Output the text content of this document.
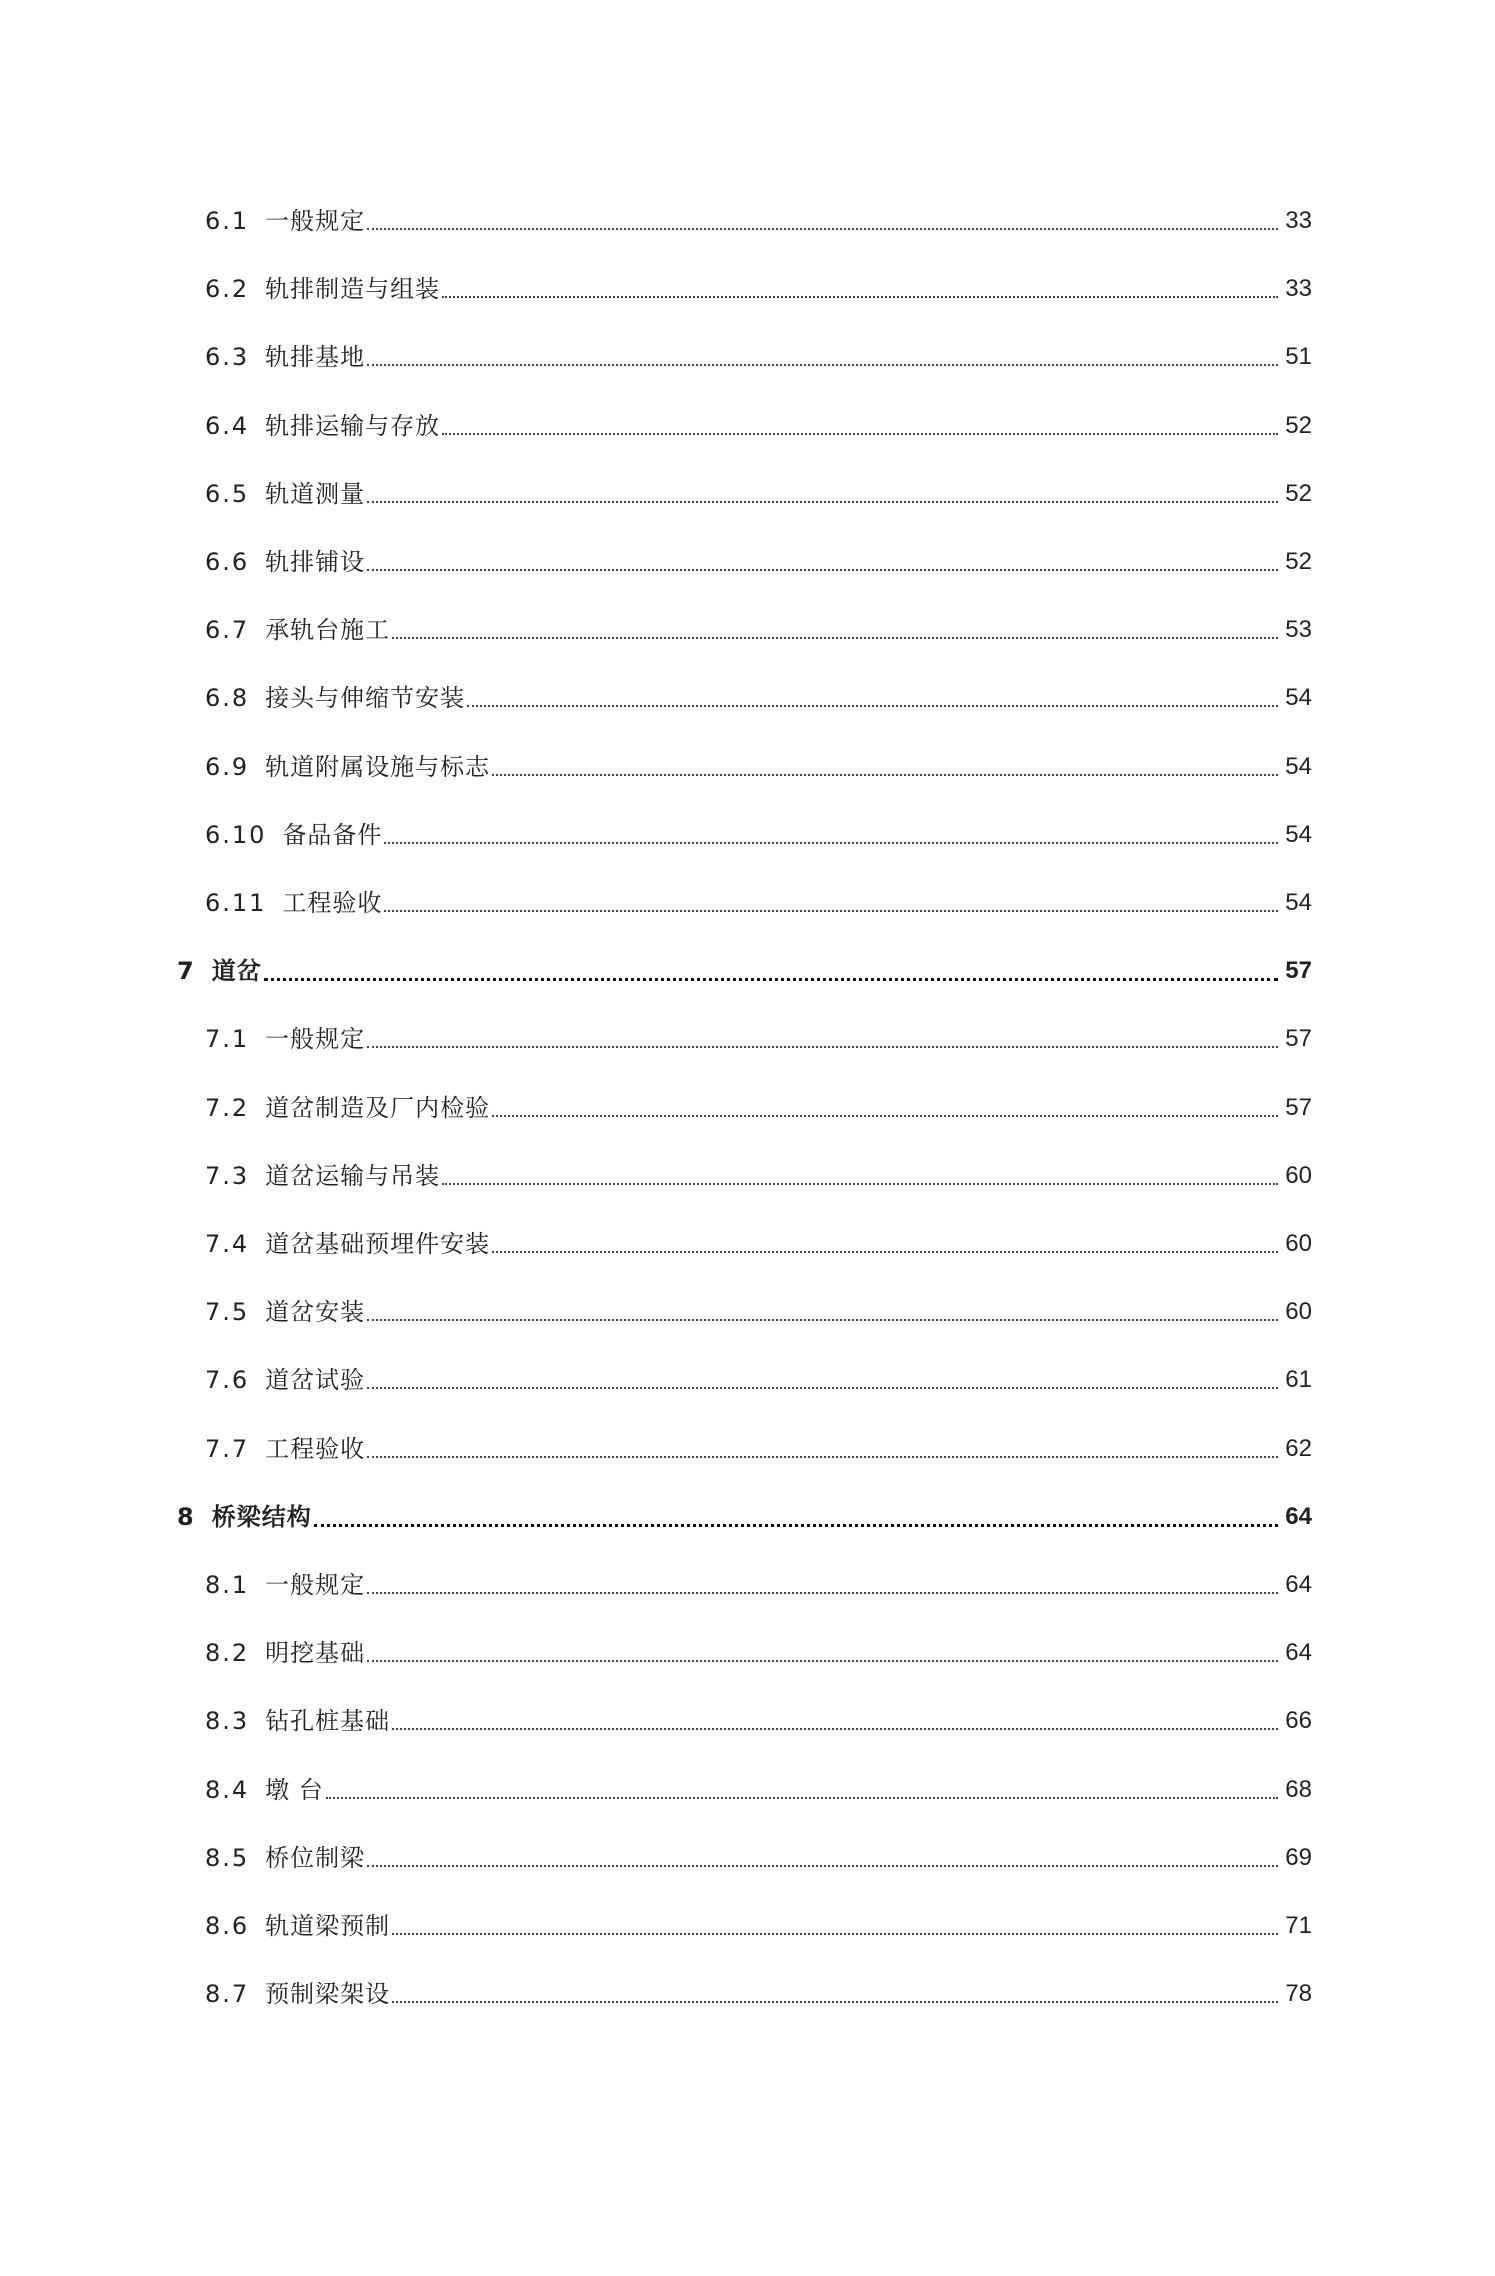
6.1 一般规定	33
6.2 轨排制造与组装	33
6.3 轨排基地	51
6.4 轨排运输与存放	52
6.5 轨道测量	52
6.6 轨排铺设	52
6.7 承轨台施工	53
6.8 接头与伸缩节安装	54
6.9 轨道附属设施与标志	54
6.10 备品备件	54
6.11 工程验收	54
7 道岔	57
7.1 一般规定	57
7.2 道岔制造及厂内检验	57
7.3 道岔运输与吊装	60
7.4 道岔基础预埋件安装	60
7.5 道岔安装	60
7.6 道岔试验	61
7.7 工程验收	62
8 桥梁结构	64
8.1 一般规定	64
8.2 明挖基础	64
8.3 钻孔桩基础	66
8.4 墩 台	68
8.5 桥位制梁	69
8.6 轨道梁预制	71
8.7 预制梁架设	78
